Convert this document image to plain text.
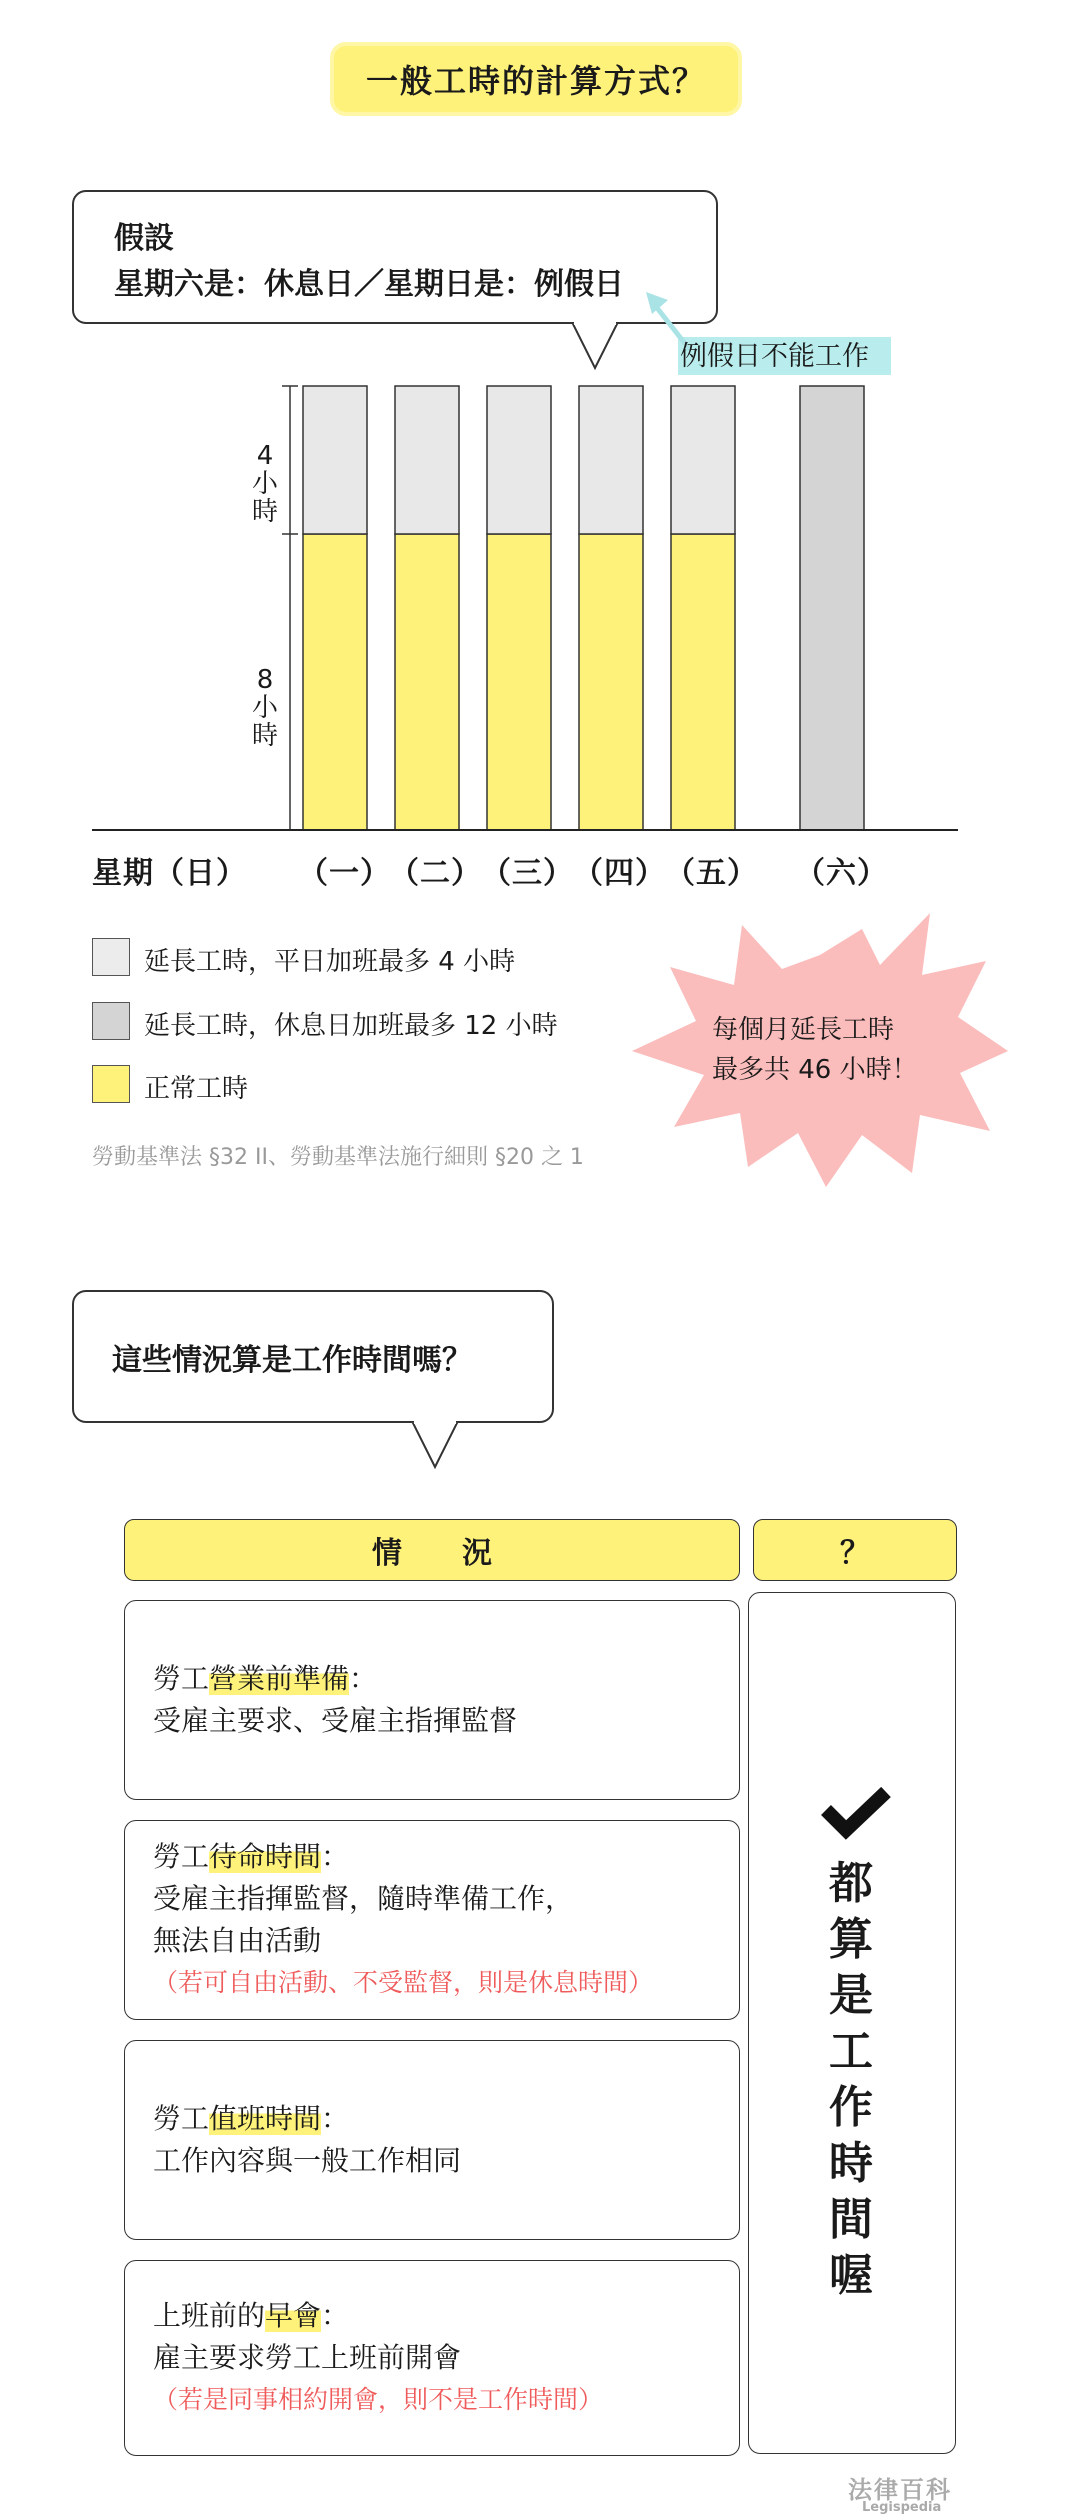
一般工時的計算方式？
假設
星期六是：休息日／星期日是：例假日
例假日不能工作
4
小
時
8
小
時
星期（日） （一）
（二） （三） （四） （五） （六）
延長工時，平日加班最多 4 小時
延長工時，休息日加班最多 12 小時
正常工時
每個月延長工時
最多共 46 小時！
勞動基準法 §32 II、勞動基準法施行細則 §20 之 1
這些情況算是工作時間嗎？
情　　況	？
勞工營業前準備：
受雇主要求、受雇主指揮監督
勞工待命時間：
受雇主指揮監督，隨時準備工作，
無法自由活動
（若可自由活動、不受監督，則是休息時間）
勞工值班時間：
工作內容與一般工作相同
上班前的早會：
雇主要求勞工上班前開會
（若是同事相約開會，則不是工作時間）
都
算
是
工
作
時
間
喔
法律百科
Legispedia
